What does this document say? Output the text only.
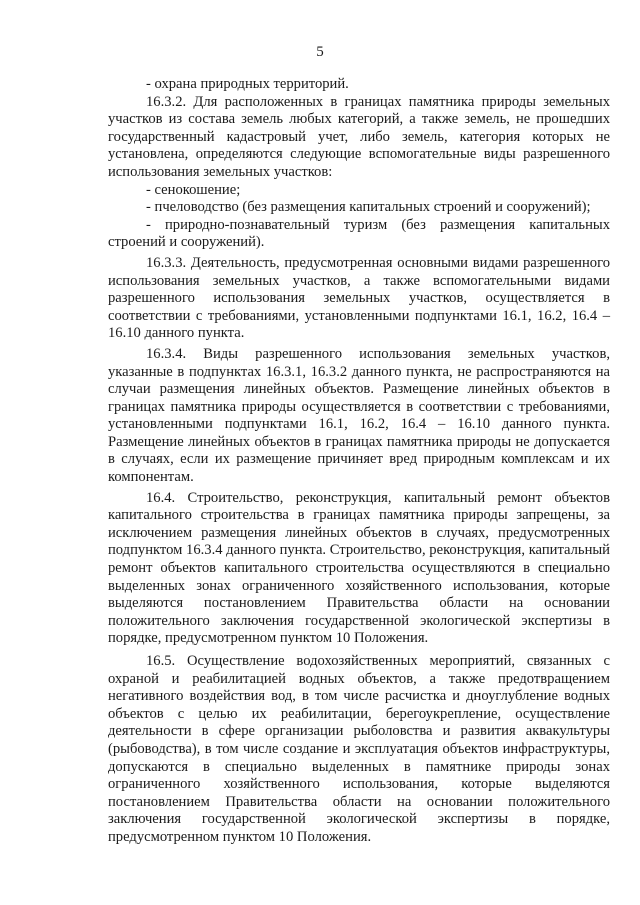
5

- охрана природных территорий.

16.3.2. Для расположенных в границах памятника природы земельных участков из состава земель любых категорий, а также земель, не прошедших государственный кадастровый учет, либо земель, категория которых не установлена, определяются следующие вспомогательные виды разрешенного использования земельных участков:

- сенокошение;

- пчеловодство (без размещения капитальных строений и сооружений);

- природно-познавательный туризм (без размещения капитальных строений и сооружений).

16.3.3. Деятельность, предусмотренная основными видами разрешенного использования земельных участков, а также вспомогательными видами разрешенного использования земельных участков, осуществляется в соответствии с требованиями, установленными подпунктами 16.1, 16.2, 16.4 – 16.10 данного пункта.

16.3.4. Виды разрешенного использования земельных участков, указанные в подпунктах 16.3.1, 16.3.2 данного пункта, не распространяются на случаи размещения линейных объектов. Размещение линейных объектов в границах памятника природы осуществляется в соответствии с требованиями, установленными подпунктами 16.1, 16.2, 16.4 – 16.10 данного пункта. Размещение линейных объектов в границах памятника природы не допускается в случаях, если их размещение причиняет вред природным комплексам и их компонентам.

16.4. Строительство, реконструкция, капитальный ремонт объектов капитального строительства в границах памятника природы запрещены, за исключением размещения линейных объектов в случаях, предусмотренных подпунктом 16.3.4 данного пункта. Строительство, реконструкция, капитальный ремонт объектов капитального строительства осуществляются в специально выделенных зонах ограниченного хозяйственного использования, которые выделяются постановлением Правительства области на основании положительного заключения государственной экологической экспертизы в порядке, предусмотренном пунктом 10 Положения.

16.5. Осуществление водохозяйственных мероприятий, связанных с охраной и реабилитацией водных объектов, а также предотвращением негативного воздействия вод, в том числе расчистка и дноуглубление водных объектов с целью их реабилитации, берегоукрепление, осуществление деятельности в сфере организации рыболовства и развития аквакультуры (рыбоводства), в том числе создание и эксплуатация объектов инфраструктуры, допускаются в специально выделенных в памятнике природы зонах ограниченного хозяйственного использования, которые выделяются постановлением Правительства области на основании положительного заключения государственной экологической экспертизы в порядке, предусмотренном пунктом 10 Положения.
